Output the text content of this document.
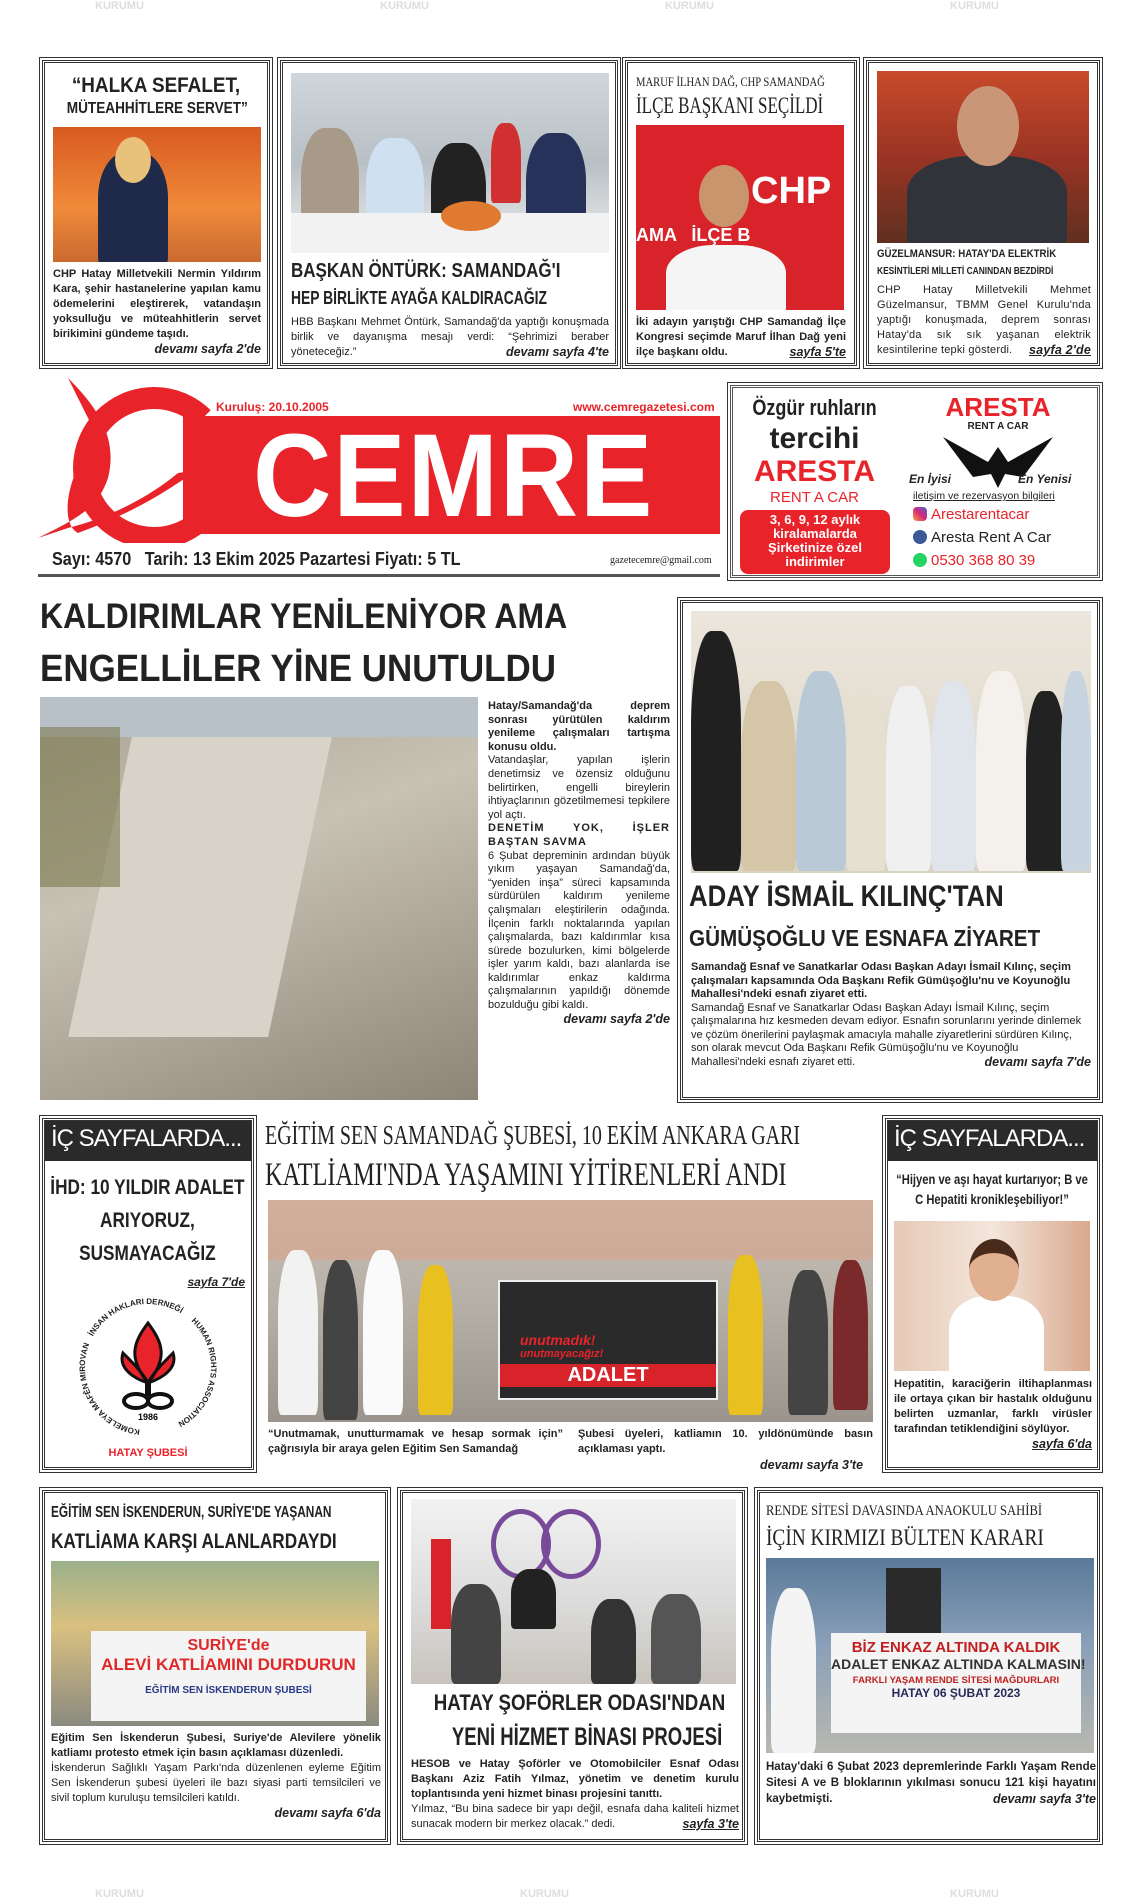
KURUMU	KURUMU	KURUMU	KURUMU
“HALKA SEFALET,
MÜTEAHHİTLERE SERVET”
CHP Hatay Milletvekili Nermin Yıldırım Kara, şehir hastanelerine yapılan kamu ödemelerini eleştirerek, vatandaşın yoksulluğu ve müteahhitlerin servet birikimini gündeme taşıdı.
devamı sayfa 2'de
BAŞKAN ÖNTÜRK: SAMANDAĞ'I
HEP BİRLİKTE AYAĞA KALDIRACAĞIZ
HBB Başkanı Mehmet Öntürk, Samandağ'da yaptığı konuşmada birlik ve dayanışma mesajı verdi: “Şehrimizi beraber yöneteceğiz.”	devamı sayfa 4'te
MARUF İLHAN DAĞ, CHP SAMANDAĞ
İLÇE BAŞKANI SEÇİLDİ
CHP
AMA   İLÇE B
İki adayın yarıştığı CHP Samandağ İlçe Kongresi seçimde Maruf İlhan Dağ yeni ilçe başkanı oldu.	sayfa 5'te
GÜZELMANSUR: HATAY'DA ELEKTRİK
KESİNTİLERİ MİLLETİ CANINDAN BEZDİRDİ
CHP Hatay Milletvekili Mehmet Güzelmansur, TBMM Genel Kurulu'nda yaptığı konuşmada, deprem sonrası Hatay'da sık sık yaşanan elektrik kesintilerine tepki gösterdi. sayfa 2'de
Kuruluş: 20.10.2005	www.cemregazetesi.com
CEMRE
Sayı: 4570   Tarih: 13 Ekim 2025 Pazartesi Fiyatı: 5 TL	gazetecemre@gmail.com
Özgür ruhların
tercihi
ARESTA
RENT A CAR
3, 6, 9, 12 aylık kiralamalarda Şirketinize özel indirimler
ARESTA
RENT A CAR
En İyisi	En Yenisi
iletişim ve rezervasyon bilgileri
Arestarentacar
Aresta Rent A Car
0530 368 80 39
KALDIRIMLAR YENİLENİYOR AMA
ENGELLİLER YİNE UNUTULDU
Hatay/Samandağ'da deprem sonrası yürütülen kaldırım yenileme çalışmaları tartışma konusu oldu.
Vatandaşlar, yapılan işlerin denetimsiz ve özensiz olduğunu belirtirken, engelli bireylerin ihtiyaçlarının gözetilmemesi tepkilere yol açtı.
DENETİM YOK, İŞLER BAŞTAN SAVMA
6 Şubat depreminin ardından büyük yıkım yaşayan Samandağ'da, “yeniden inşa” süreci kapsamında sürdürülen kaldırım yenileme çalışmaları eleştirilerin odağında. İlçenin farklı noktalarında yapılan çalışmalarda, bazı kaldırımlar kısa sürede bozulurken, kimi bölgelerde işler yarım kaldı, bazı alanlarda ise kaldırımlar enkaz kaldırma çalışmalarının yapıldığı dönemde bozulduğu gibi kaldı.
devamı sayfa 2'de
ADAY İSMAİL KILINÇ'TAN
GÜMÜŞOĞLU VE ESNAFA ZİYARET
Samandağ Esnaf ve Sanatkarlar Odası Başkan Adayı İsmail Kılınç, seçim çalışmaları kapsamında Oda Başkanı Refik Gümüşoğlu'nu ve Koyunoğlu Mahallesi'ndeki esnafı ziyaret etti.
Samandağ Esnaf ve Sanatkarlar Odası Başkan Adayı İsmail Kılınç, seçim çalışmalarına hız kesmeden devam ediyor. Esnafın sorunlarını yerinde dinlemek ve çözüm önerilerini paylaşmak amacıyla mahalle ziyaretlerini sürdüren Kılınç, son olarak mevcut Oda Başkanı Refik Gümüşoğlu'nu ve Koyunoğlu Mahallesi'ndeki esnafı ziyaret etti.	devamı sayfa 7'de
İÇ SAYFALARDA...
İHD: 10 YILDIR ADALET ARIYORUZ, SUSMAYACAĞIZ
sayfa 7'de
KOMELEYA MAFÊN MIROVAN
İNSAN HAKLARI DERNEĞİ
HUMAN RIGHTS ASSOCIATION
1986
HATAY ŞUBESİ
EĞİTİM SEN SAMANDAĞ ŞUBESİ, 10 EKİM ANKARA GARI
KATLİAMI'NDA YAŞAMINI YİTİRENLERİ ANDI
unutmadık!
unutmayacağız!
ADALET
“Unutmamak, unutturmamak ve hesap sormak için” çağrısıyla bir araya gelen Eğitim Sen Samandağ
Şubesi üyeleri, katliamın 10. yıldönümünde basın açıklaması yaptı.
devamı sayfa 3'te
İÇ SAYFALARDA...
“Hijyen ve aşı hayat kurtarıyor; B ve C Hepatiti kronikleşebiliyor!”
Hepatitin, karaciğerin iltihaplanması ile ortaya çıkan bir hastalık olduğunu belirten uzmanlar, farklı virüsler tarafından tetiklendiğini söylüyor.
sayfa 6'da
EĞİTİM SEN İSKENDERUN, SURİYE'DE YAŞANAN
KATLİAMA KARŞI ALANLARDAYDI
SURİYE'de
ALEVİ KATLİAMINI DURDURUN
EĞİTİM SEN İSKENDERUN ŞUBESİ
Eğitim Sen İskenderun Şubesi, Suriye'de Alevilere yönelik katliamı protesto etmek için basın açıklaması düzenledi.
İskenderun Sağlıklı Yaşam Parkı'nda düzenlenen eyleme Eğitim Sen İskenderun şubesi üyeleri ile bazı siyasi parti temsilcileri ve sivil toplum kuruluşu temsilcileri katıldı.
devamı sayfa 6'da
HATAY ŞOFÖRLER ODASI'NDAN
YENİ HİZMET BİNASI PROJESİ
HESOB ve Hatay Şoförler ve Otomobilciler Esnaf Odası Başkanı Aziz Fatih Yılmaz, yönetim ve denetim kurulu toplantısında yeni hizmet binası projesini tanıttı.
Yılmaz, “Bu bina sadece bir yapı değil, esnafa daha kaliteli hizmet sunacak modern bir merkez olacak.” dedi.	sayfa 3'te
RENDE SİTESİ DAVASINDA ANAOKULU SAHİBİ
İÇİN KIRMIZI BÜLTEN KARARI
BİZ ENKAZ ALTINDA KALDIK
ADALET ENKAZ ALTINDA KALMASIN!
FARKLI YAŞAM RENDE SİTESİ MAĞDURLARI
HATAY 06 ŞUBAT 2023
Hatay'daki 6 Şubat 2023 depremlerinde Farklı Yaşam Rende Sitesi A ve B bloklarının yıkılması sonucu 121 kişi hayatını kaybetmişti.	devamı sayfa 3'te
KURUMU	KURUMU	KURUMU
